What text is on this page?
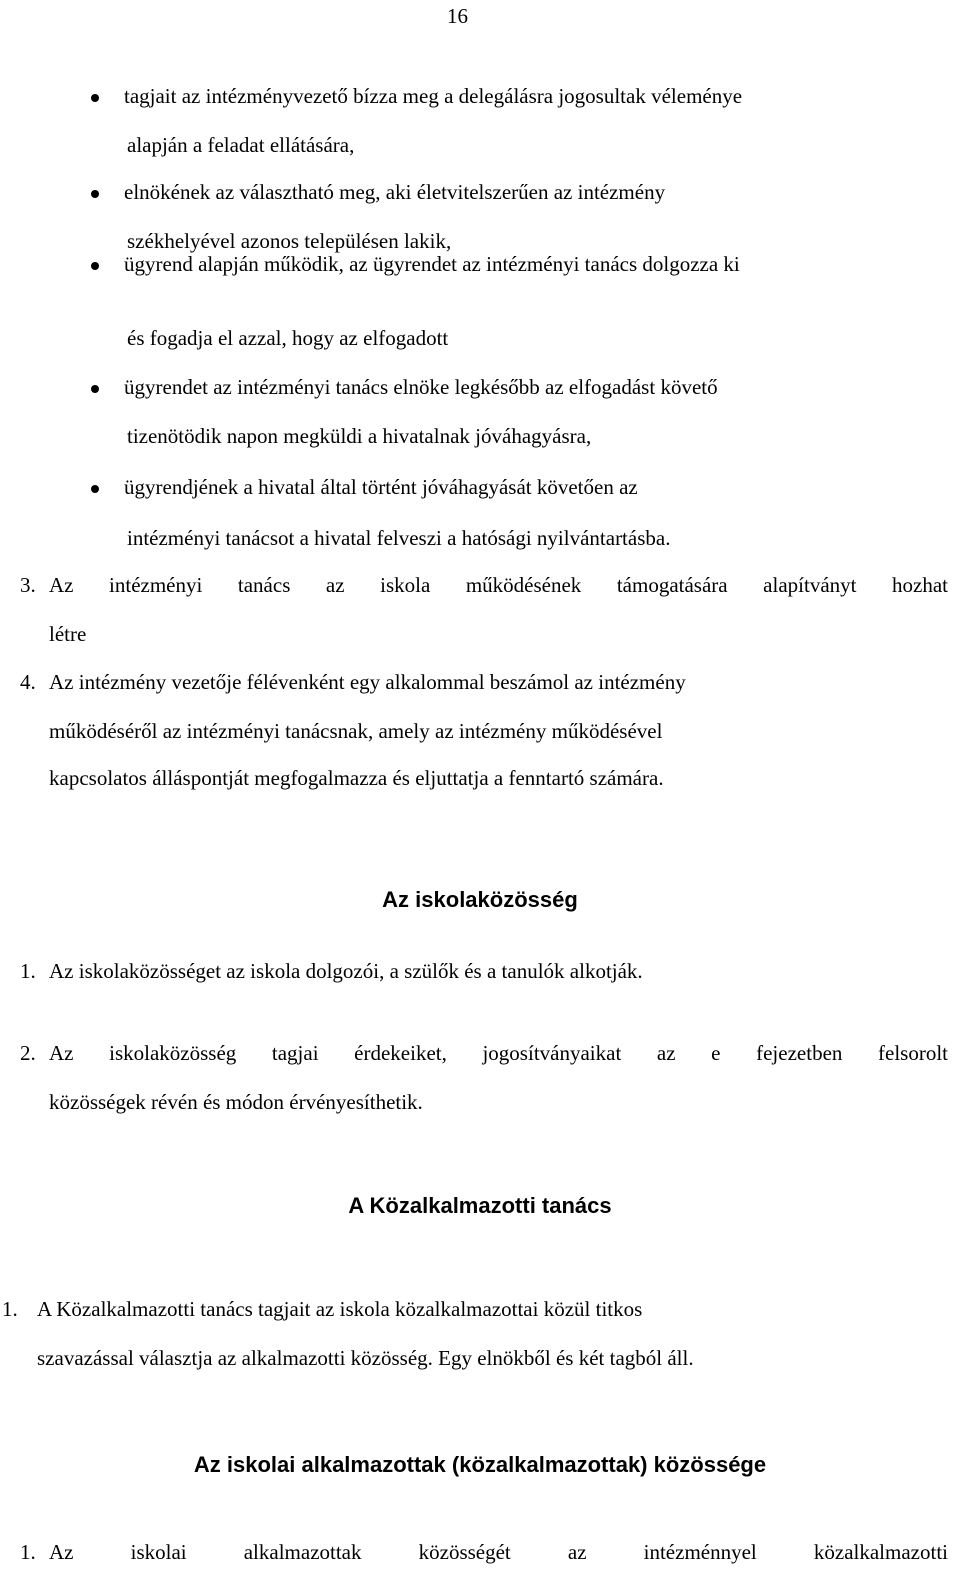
16
tagjait az intézményvezető bízza meg a delegálásra jogosultak véleménye
alapján a feladat ellátására,
elnökének az választható meg, aki életvitelszerűen az intézmény
székhelyével azonos településen lakik,
ügyrend alapján működik, az ügyrendet az intézményi tanács dolgozza ki
és fogadja el azzal, hogy az elfogadott
ügyrendet az intézményi tanács elnöke legkésőbb az elfogadást követő
tizenötödik napon megküldi a hivatalnak jóváhagyásra,
ügyrendjének a hivatal által történt jóváhagyását követően az
intézményi tanácsot a hivatal felveszi a hatósági nyilvántartásba.
3. Az intézményi tanács az iskola működésének támogatására alapítványt hozhat
létre
4. Az intézmény vezetője félévenként egy alkalommal beszámol az intézmény
működéséről az intézményi tanácsnak, amely az intézmény működésével
kapcsolatos álláspontját megfogalmazza és eljuttatja a fenntartó számára.
Az iskolaközösség
1. Az iskolaközösséget az iskola dolgozói, a szülők és a tanulók alkotják.
2. Az iskolaközösség tagjai érdekeiket, jogosítványaikat az e fejezetben felsorolt
közösségek révén és módon érvényesíthetik.
A Közalkalmazotti tanács
1. A Közalkalmazotti tanács tagjait az iskola közalkalmazottai közül titkos
szavazással választja az alkalmazotti közösség. Egy elnökből és két tagból áll.
Az iskolai alkalmazottak (közalkalmazottak) közössége
1. Az iskolai alkalmazottak közösségét az intézménnyel közalkalmazotti
